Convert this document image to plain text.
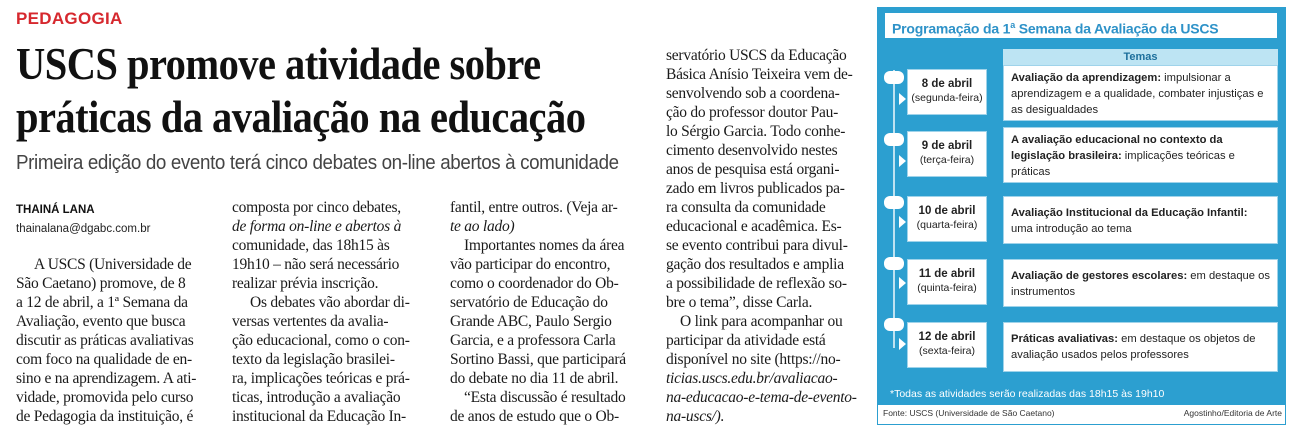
PEDAGOGIA
USCS promove atividade sobre
práticas da avaliação na educação
Primeira edição do evento terá cinco debates on-line abertos à comunidade
THAINÁ LANA
thainalana@dgabc.com.br
A USCS (Universidade de
São Caetano) promove, de 8
a 12 de abril, a 1ª Semana da
Avaliação, evento que busca
discutir as práticas avaliativas
com foco na qualidade de en-
sino e na aprendizagem. A ati-
vidade, promovida pelo curso
de Pedagogia da instituição, é
composta por cinco debates,
de forma on-line e abertos à
comunidade, das 18h15 às
19h10 – não será necessário
realizar prévia inscrição.
Os debates vão abordar di-
versas vertentes da avalia-
ção educacional, como o con-
texto da legislação brasilei-
ra, implicações teóricas e prá-
ticas, introdução a avaliação
institucional da Educação In-
fantil, entre outros. (Veja ar-
te ao lado)
Importantes nomes da área
vão participar do encontro,
como o coordenador do Ob-
servatório de Educação do
Grande ABC, Paulo Sergio
Garcia, e a professora Carla
Sortino Bassi, que participará
do debate no dia 11 de abril.
“Esta discussão é resultado
de anos de estudo que o Ob-
servatório USCS da Educação
Básica Anísio Teixeira vem de-
senvolvendo sob a coordena-
ção do professor doutor Pau-
lo Sérgio Garcia. Todo conhe-
cimento desenvolvido nestes
anos de pesquisa está organi-
zado em livros publicados pa-
ra consulta da comunidade
educacional e acadêmica. Es-
se evento contribui para divul-
gação dos resultados e amplia
a possibilidade de reflexão so-
bre o tema”, disse Carla.
O link para acompanhar ou
participar da atividade está
disponível no site (https://no-
ticias.uscs.edu.br/avaliacao-
na-educacao-e-tema-de-evento-
na-uscs/).
Programação da 1$^a$ Semana da Avaliação da USCS
Temas
8 de abril
(segunda-feira)
Avaliação da aprendizagem: impulsionar a aprendizagem e a qualidade, combater injustiças e as desigualdades
9 de abril
(terça-feira)
A avaliação educacional no contexto da legislação brasileira: implicações teóricas e práticas
10 de abril
(quarta-feira)
Avaliação Institucional da Educação Infantil: uma introdução ao tema
11 de abril
(quinta-feira)
Avaliação de gestores escolares: em destaque os instrumentos
12 de abril
(sexta-feira)
Práticas avaliativas: em destaque os objetos de avaliação usados pelos professores
*Todas as atividades serão realizadas das 18h15 às 19h10
Fonte: USCS (Universidade de São Caetano)	Agostinho/Editoria de Arte
